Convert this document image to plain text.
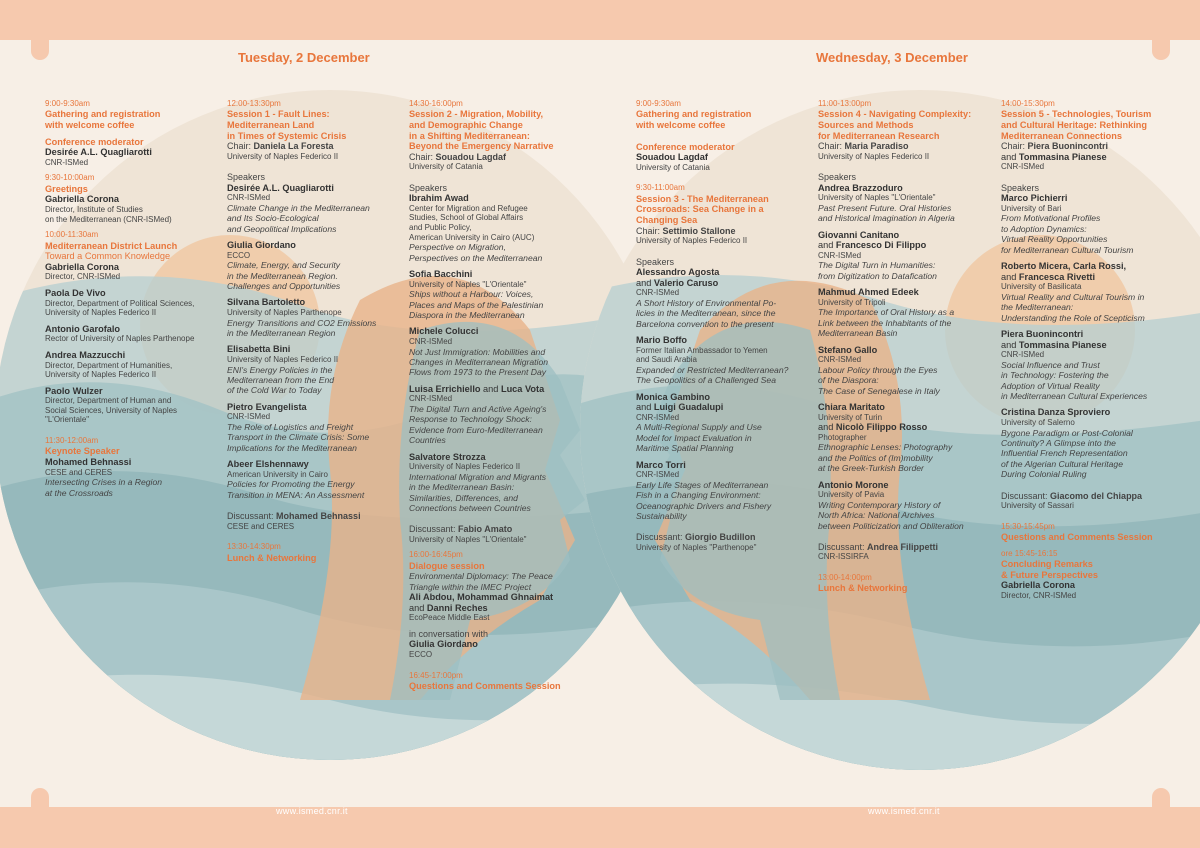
www.ismed.cnr.it	www.ismed.cnr.it
Tuesday, 2 December	Wednesday, 3 December
9:00-9:30am
Gathering and registration
with welcome coffee
Conference moderator
Desirée A.L. Quagliarotti
CNR-ISMed
9:30-10:00am
Greetings
Gabriella Corona
Director, Institute of Studies
on the Mediterranean (CNR-ISMed)
10:00-11:30am
Mediterranean District Launch
Toward a Common Knowledge
Gabriella Corona
Director, CNR-ISMed
Paola De Vivo
Director, Department of Political Sciences,
University of Naples Federico II
Antonio Garofalo
Rector of University of Naples Parthenope
Andrea Mazzucchi
Director, Department of Humanities,
University of Naples Federico II
Paolo Wulzer
Director, Department of Human and
Social Sciences, University of Naples
"L'Orientale"
11:30-12:00am
Keynote Speaker
Mohamed Behnassi
CESE and CERES
Intersecting Crises in a Region
at the Crossroads
12:00-13:30pm
Session 1 - Fault Lines:
Mediterranean Land
in Times of Systemic Crisis
Chair: Daniela La Foresta
University of Naples Federico II
Speakers
Desirée A.L. Quagliarotti
CNR-ISMed
Climate Change in the Mediterranean
and Its Socio-Ecological
and Geopolitical Implications
Giulia Giordano
ECCO
Climate, Energy, and Security
in the Mediterranean Region.
Challenges and Opportunities
Silvana Bartoletto
University of Naples Parthenope
Energy Transitions and CO2 Emissions
in the Mediterranean Region
Elisabetta Bini
University of Naples Federico II
ENI's Energy Policies in the
Mediterranean from the End
of the Cold War to Today
Pietro Evangelista
CNR-ISMed
The Role of Logistics and Freight
Transport in the Climate Crisis: Some
Implications for the Mediterranean
Abeer Elshennawy
American University in Cairo
Policies for Promoting the Energy
Transition in MENA: An Assessment
Discussant: Mohamed Behnassi
CESE and CERES
13:30-14:30pm
Lunch & Networking
14:30-16:00pm
Session 2 - Migration, Mobility,
and Demographic Change
in a Shifting Mediterranean:
Beyond the Emergency Narrative
Chair: Souadou Lagdaf
University of Catania
Speakers
Ibrahim Awad
Center for Migration and Refugee
Studies, School of Global Affairs
and Public Policy,
American University in Cairo (AUC)
Perspective on Migration,
Perspectives on the Mediterranean
Sofia Bacchini
University of Naples "L'Orientale"
Ships without a Harbour: Voices,
Places and Maps of the Palestinian
Diaspora in the Mediterranean
Michele Colucci
CNR-ISMed
Not Just Immigration: Mobilities and
Changes in Mediterranean Migration
Flows from 1973 to the Present Day
Luisa Errichiello and Luca Vota
CNR-ISMed
The Digital Turn and Active Ageing's
Response to Technology Shock:
Evidence from Euro-Mediterranean
Countries
Salvatore Strozza
University of Naples Federico II
International Migration and Migrants
in the Mediterranean Basin:
Similarities, Differences, and
Connections between Countries
Discussant: Fabio Amato
University of Naples "L'Orientale"
16:00-16:45pm
Dialogue session
Environmental Diplomacy: The Peace
Triangle within the IMEC Project
Ali Abdou, Mohammad Ghnaimat
and Danni Reches
EcoPeace Middle East
in conversation with
Giulia Giordano
ECCO
16:45-17:00pm
Questions and Comments Session
9:00-9:30am
Gathering and registration
with welcome coffee
Conference moderator
Souadou Lagdaf
University of Catania
9:30-11:00am
Session 3 - The Mediterranean
Crossroads: Sea Change in a
Changing Sea
Chair: Settimio Stallone
University of Naples Federico II
Speakers
Alessandro Agosta
and Valerio Caruso
CNR-ISMed
A Short History of Environmental Po-
licies in the Mediterranean, since the
Barcelona convention to the present
Mario Boffo
Former Italian Ambassador to Yemen
and Saudi Arabia
Expanded or Restricted Mediterranean?
The Geopolitics of a Challenged Sea
Monica Gambino
and Luigi Guadalupi
CNR-ISMed
A Multi-Regional Supply and Use
Model for Impact Evaluation in
Maritime Spatial Planning
Marco Torri
CNR-ISMed
Early Life Stages of Mediterranean
Fish in a Changing Environment:
Oceanographic Drivers and Fishery
Sustainability
Discussant: Giorgio Budillon
University of Naples "Parthenope"
11:00-13:00pm
Session 4 - Navigating Complexity:
Sources and Methods
for Mediterranean Research
Chair: Maria Paradiso
University of Naples Federico II
Speakers
Andrea Brazzoduro
University of Naples "L'Orientale"
Past Present Future. Oral Histories
and Historical Imagination in Algeria
Giovanni Canitano
and Francesco Di Filippo
CNR-ISMed
The Digital Turn in Humanities:
from Digitization to Datafication
Mahmud Ahmed Edeek
University of Tripoli
The Importance of Oral History as a
Link between the Inhabitants of the
Mediterranean Basin
Stefano Gallo
CNR-ISMed
Labour Policy through the Eyes
of the Diaspora:
The Case of Senegalese in Italy
Chiara Maritato
University of Turin
and Nicolò Filippo Rosso
Photographer
Ethnographic Lenses: Photography
and the Politics of (Im)mobility
at the Greek-Turkish Border
Antonio Morone
University of Pavia
Writing Contemporary History of
North Africa: National Archives
between Politicization and Obliteration
Discussant: Andrea Filippetti
CNR-ISSIRFA
13:00-14:00pm
Lunch & Networking
14:00-15:30pm
Session 5 - Technologies, Tourism
and Cultural Heritage: Rethinking
Mediterranean Connections
Chair: Piera Buonincontri
and Tommasina Pianese
CNR-ISMed
Speakers
Marco Pichierri
University of Bari
From Motivational Profiles
to Adoption Dynamics:
Virtual Reality Opportunities
for Mediterranean Cultural Tourism
Roberto Micera, Carla Rossi,
and Francesca Rivetti
University of Basilicata
Virtual Reality and Cultural Tourism in
the Mediterranean:
Understanding the Role of Scepticism
Piera Buonincontri
and Tommasina Pianese
CNR-ISMed
Social Influence and Trust
in Technology: Fostering the
Adoption of Virtual Reality
in Mediterranean Cultural Experiences
Cristina Danza Sproviero
University of Salerno
Bygone Paradigm or Post-Colonial
Continuity? A Glimpse into the
Influential French Representation
of the Algerian Cultural Heritage
During Colonial Ruling
Discussant: Giacomo del Chiappa
University of Sassari
15:30-15:45pm
Questions and Comments Session
ore 15:45-16:15
Concluding Remarks
& Future Perspectives
Gabriella Corona
Director, CNR-ISMed
